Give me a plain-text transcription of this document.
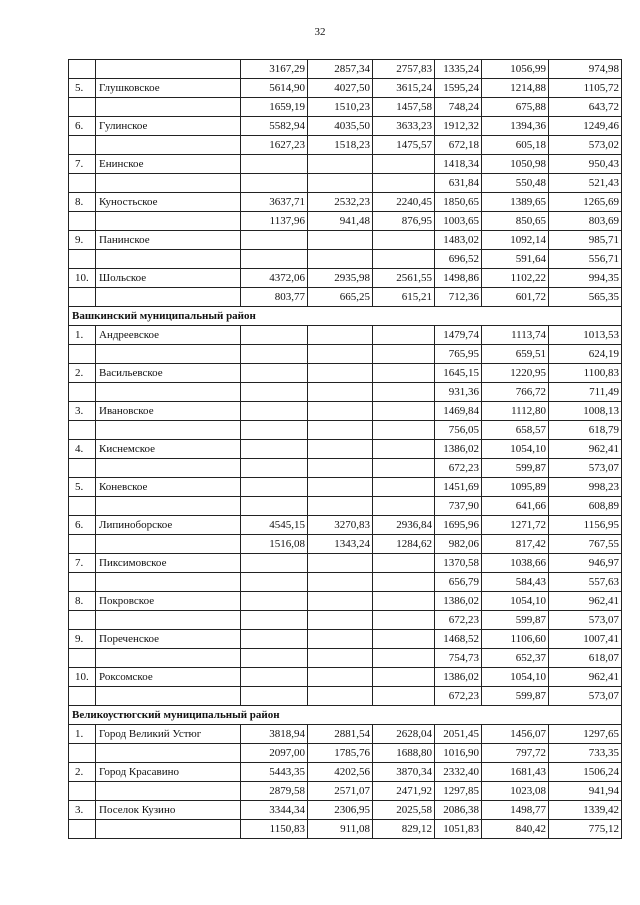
32
		3167,29	2857,34	2757,83	1335,24	1056,99	974,98
5.	Глушковское	5614,90	4027,50	3615,24	1595,24	1214,88	1105,72
		1659,19	1510,23	1457,58	748,24	675,88	643,72
6.	Гулинское	5582,94	4035,50	3633,23	1912,32	1394,36	1249,46
		1627,23	1518,23	1475,57	672,18	605,18	573,02
7.	Енинское				1418,34	1050,98	950,43
					631,84	550,48	521,43
8.	Куностьское	3637,71	2532,23	2240,45	1850,65	1389,65	1265,69
		1137,96	941,48	876,95	1003,65	850,65	803,69
9.	Панинское				1483,02	1092,14	985,71
					696,52	591,64	556,71
10.	Шольское	4372,06	2935,98	2561,55	1498,86	1102,22	994,35
		803,77	665,25	615,21	712,36	601,72	565,35
Вашкинский муниципальный район							
1.	Андреевское				1479,74	1113,74	1013,53
					765,95	659,51	624,19
2.	Васильевское				1645,15	1220,95	1100,83
					931,36	766,72	711,49
3.	Ивановское				1469,84	1112,80	1008,13
					756,05	658,57	618,79
4.	Киснемское				1386,02	1054,10	962,41
					672,23	599,87	573,07
5.	Коневское				1451,69	1095,89	998,23
					737,90	641,66	608,89
6.	Липиноборское	4545,15	3270,83	2936,84	1695,96	1271,72	1156,95
		1516,08	1343,24	1284,62	982,06	817,42	767,55
7.	Пиксимовское				1370,58	1038,66	946,97
					656,79	584,43	557,63
8.	Покровское				1386,02	1054,10	962,41
					672,23	599,87	573,07
9.	Пореченское				1468,52	1106,60	1007,41
					754,73	652,37	618,07
10.	Роксомское				1386,02	1054,10	962,41
					672,23	599,87	573,07
Великоустюгский муниципальный район							
1.	Город Великий Устюг	3818,94	2881,54	2628,04	2051,45	1456,07	1297,65
		2097,00	1785,76	1688,80	1016,90	797,72	733,35
2.	Город Красавино	5443,35	4202,56	3870,34	2332,40	1681,43	1506,24
		2879,58	2571,07	2471,92	1297,85	1023,08	941,94
3.	Поселок Кузино	3344,34	2306,95	2025,58	2086,38	1498,77	1339,42
		1150,83	911,08	829,12	1051,83	840,42	775,12
